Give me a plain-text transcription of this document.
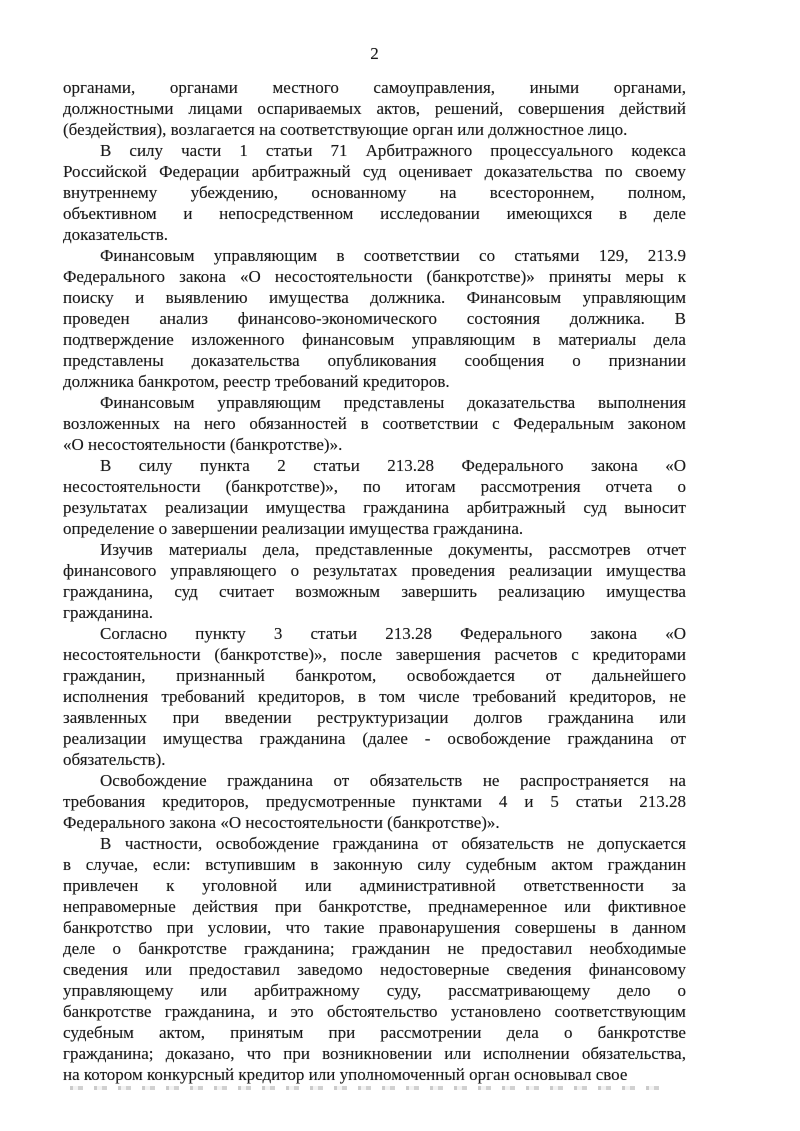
2
органами, органами местного самоуправления, иными органами,
должностными лицами оспариваемых актов, решений, совершения действий
(бездействия), возлагается на соответствующие орган или должностное лицо.
В силу части 1 статьи 71 Арбитражного процессуального кодекса
Российской Федерации арбитражный суд оценивает доказательства по своему
внутреннему убеждению, основанному на всестороннем, полном,
объективном и непосредственном исследовании имеющихся в деле
доказательств.
Финансовым управляющим в соответствии со статьями 129, 213.9
Федерального закона «О несостоятельности (банкротстве)» приняты меры к
поиску и выявлению имущества должника. Финансовым управляющим
проведен анализ финансово-экономического состояния должника. В
подтверждение изложенного финансовым управляющим в материалы дела
представлены доказательства опубликования сообщения о признании
должника банкротом, реестр требований кредиторов.
Финансовым управляющим представлены доказательства выполнения
возложенных на него обязанностей в соответствии с Федеральным законом
«О несостоятельности (банкротстве)».
В силу пункта 2 статьи 213.28 Федерального закона «О
несостоятельности (банкротстве)», по итогам рассмотрения отчета о
результатах реализации имущества гражданина арбитражный суд выносит
определение о завершении реализации имущества гражданина.
Изучив материалы дела, представленные документы, рассмотрев отчет
финансового управляющего о результатах проведения реализации имущества
гражданина, суд считает возможным завершить реализацию имущества
гражданина.
Согласно пункту 3 статьи 213.28 Федерального закона «О
несостоятельности (банкротстве)», после завершения расчетов с кредиторами
гражданин, признанный банкротом, освобождается от дальнейшего
исполнения требований кредиторов, в том числе требований кредиторов, не
заявленных при введении реструктуризации долгов гражданина или
реализации имущества гражданина (далее - освобождение гражданина от
обязательств).
Освобождение гражданина от обязательств не распространяется на
требования кредиторов, предусмотренные пунктами 4 и 5 статьи 213.28
Федерального закона «О несостоятельности (банкротстве)».
В частности, освобождение гражданина от обязательств не допускается
в случае, если: вступившим в законную силу судебным актом гражданин
привлечен к уголовной или административной ответственности за
неправомерные действия при банкротстве, преднамеренное или фиктивное
банкротство при условии, что такие правонарушения совершены в данном
деле о банкротстве гражданина; гражданин не предоставил необходимые
сведения или предоставил заведомо недостоверные сведения финансовому
управляющему или арбитражному суду, рассматривающему дело о
банкротстве гражданина, и это обстоятельство установлено соответствующим
судебным актом, принятым при рассмотрении дела о банкротстве
гражданина; доказано, что при возникновении или исполнении обязательства,
на котором конкурсный кредитор или уполномоченный орган основывал свое
